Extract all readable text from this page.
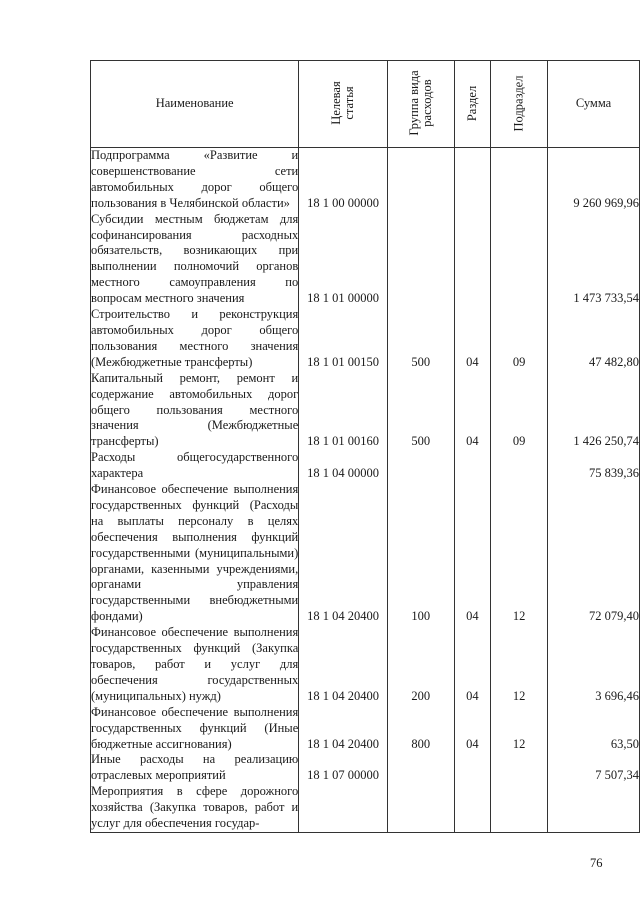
Наименование	Целевая статья	Группа вида расходов	Раздел	Подраздел	Сумма
Подпрограмма «Развитие и совершенствование сети автомобильных дорог общего пользования в Челябинской области»	18 1 00 00000				9 260 969,96
Субсидии местным бюджетам для софинансирования расходных обязательств, возникающих при выполнении полномочий органов местного самоуправления по вопросам местного значения	18 1 01 00000				1 473 733,54
Строительство и реконструкция автомобильных дорог общего пользования местного значения (Межбюджетные трансферты)	18 1 01 00150	500	04	09	47 482,80
Капитальный ремонт, ремонт и содержание автомобильных дорог общего пользования местного значения (Межбюджетные трансферты)	18 1 01 00160	500	04	09	1 426 250,74
Расходы общегосударственного характера	18 1 04 00000				75 839,36
Финансовое обеспечение выполнения государственных функций (Расходы на выплаты персоналу в целях обеспечения выполнения функций государственными (муниципальными) органами, казенными учреждениями, органами управления государственными внебюджетными фондами)	18 1 04 20400	100	04	12	72 079,40
Финансовое обеспечение выполнения государственных функций (Закупка товаров, работ и услуг для обеспечения государственных (муниципальных) нужд)	18 1 04 20400	200	04	12	3 696,46
Финансовое обеспечение выполнения государственных функций (Иные бюджетные ассигнования)	18 1 04 20400	800	04	12	63,50
Иные расходы на реализацию отраслевых мероприятий	18 1 07 00000				7 507,34
Мероприятия в сфере дорожного хозяйства (Закупка товаров, работ и услуг для обеспечения государ-					
76
